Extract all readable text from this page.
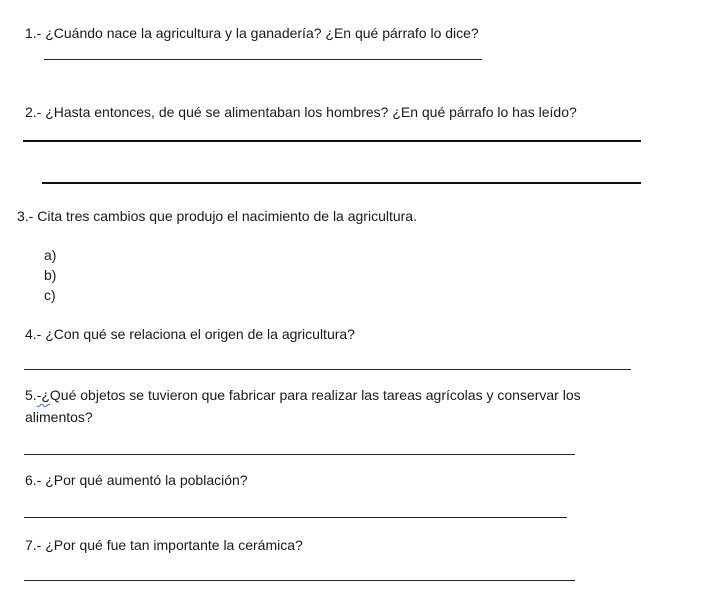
1.- ¿Cuándo nace la agricultura y la ganadería? ¿En qué párrafo lo dice?
2.- ¿Hasta entonces, de qué se alimentaban los hombres? ¿En qué párrafo lo has leído?
3.- Cita tres cambios que produjo el nacimiento de la agricultura.
a)
b)
c)
4.- ¿Con qué se relaciona el origen de la agricultura?
5.-¿Qué objetos se tuvieron que fabricar para realizar las tareas agrícolas y conservar los
alimentos?
6.- ¿Por qué aumentó la población?
7.- ¿Por qué fue tan importante la cerámica?
